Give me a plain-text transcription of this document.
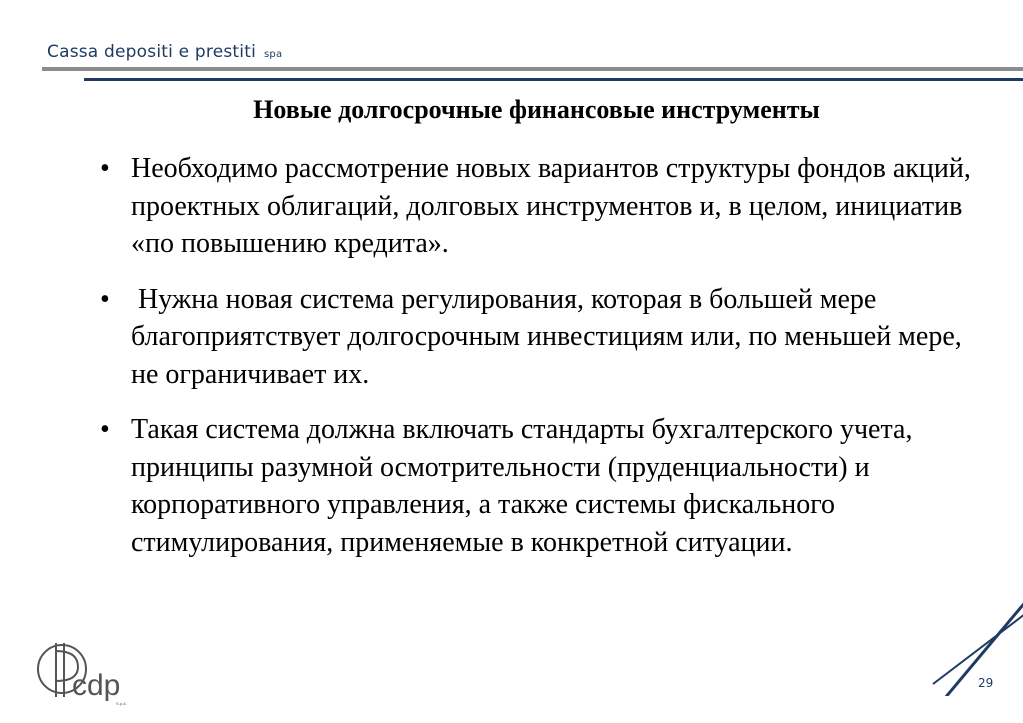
Cassa depositi e prestiti spa
Новые долгосрочные финансовые инструменты
• Необходимо рассмотрение новых вариантов структуры фондов акций, проектных облигаций, долговых инструментов и, в целом, инициатив «по повышению кредита».
• Нужна новая система регулирования, которая в большей мере благоприятствует долгосрочным инвестициям или, по меньшей мере, не ограничивает их.
• Такая система должна включать стандарты бухгалтерского учета, принципы разумной осмотрительности (пруденциальности) и корпоративного управления, а также системы фискального стимулирования, применяемые в конкретной ситуации.
cdp
S.p.A.
29
